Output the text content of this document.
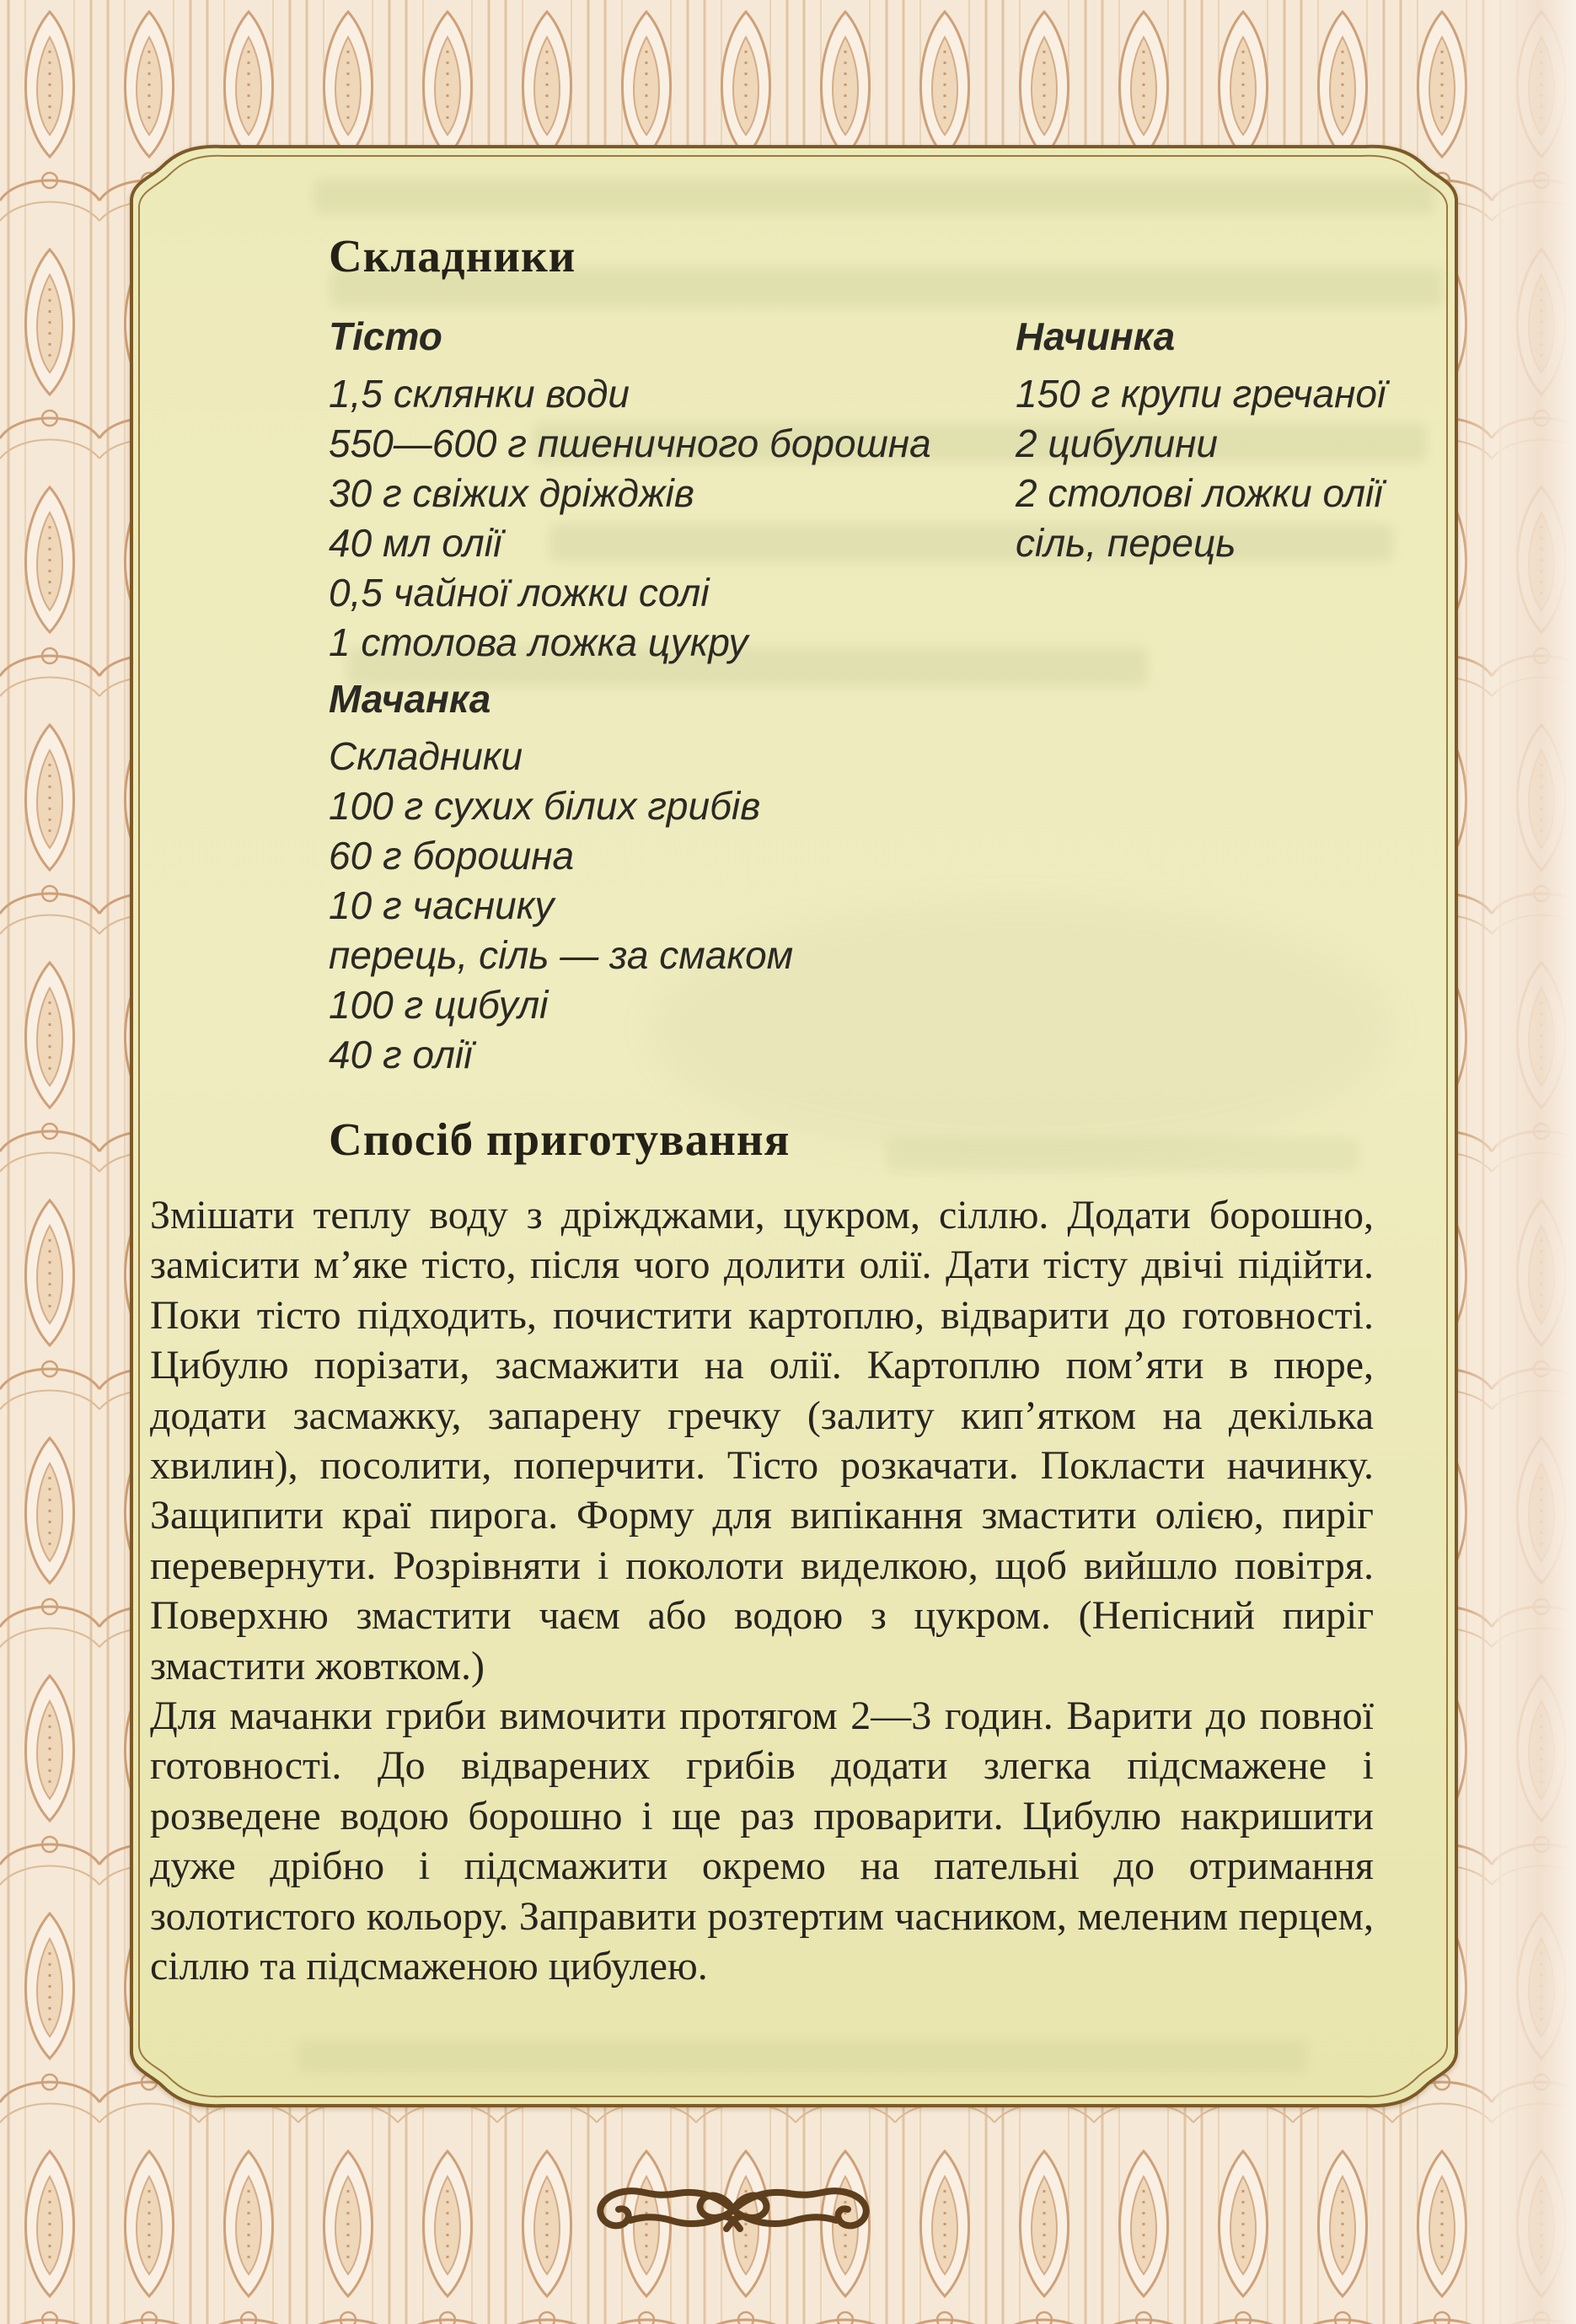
Складники
Тісто
1,5 склянки води
550—600 г пшеничного борошна
30 г свіжих дріжджів
40 мл олії
0,5 чайної ложки солі
1 столова ложка цукру
Мачанка
Складники
100 г сухих білих грибів
60 г борошна
10 г часнику
перець, сіль — за смаком
100 г цибулі
40 г олії
Начинка
150 г крупи гречаної
2 цибулини
2 столові ложки олії
сіль, перець
Спосіб приготування

Змішати теплу воду з дріжджами, цукром, сіллю. Додати борошно, замісити м’яке тісто, після чого долити олії. Дати тісту двічі підійти. Поки тісто підходить, почистити картоплю, відварити до готовності. Цибулю порізати, засмажити на олії. Картоплю пом’яти в пюре, додати засмажку, запарену гречку (залиту кип’ятком на декілька хвилин), посолити, поперчити. Тісто розкачати. Покласти начинку. Защипити краї пирога. Форму для випікання змастити олією, пиріг перевернути. Розрівняти і поколоти виделкою, щоб вийшло повітря. Поверхню змастити чаєм або водою з цукром. (Непісний пиріг змастити жовтком.)

Для мачанки гриби вимочити протягом 2—3 годин. Варити до повної готовності. До відварених грибів додати злегка підсмажене і розведене водою борошно і ще раз проварити. Цибулю накришити дуже дрібно і підсмажити окремо на пательні до отримання золотистого кольору. Заправити розтертим часником, меленим перцем, сіллю та підсмаженою цибулею.
